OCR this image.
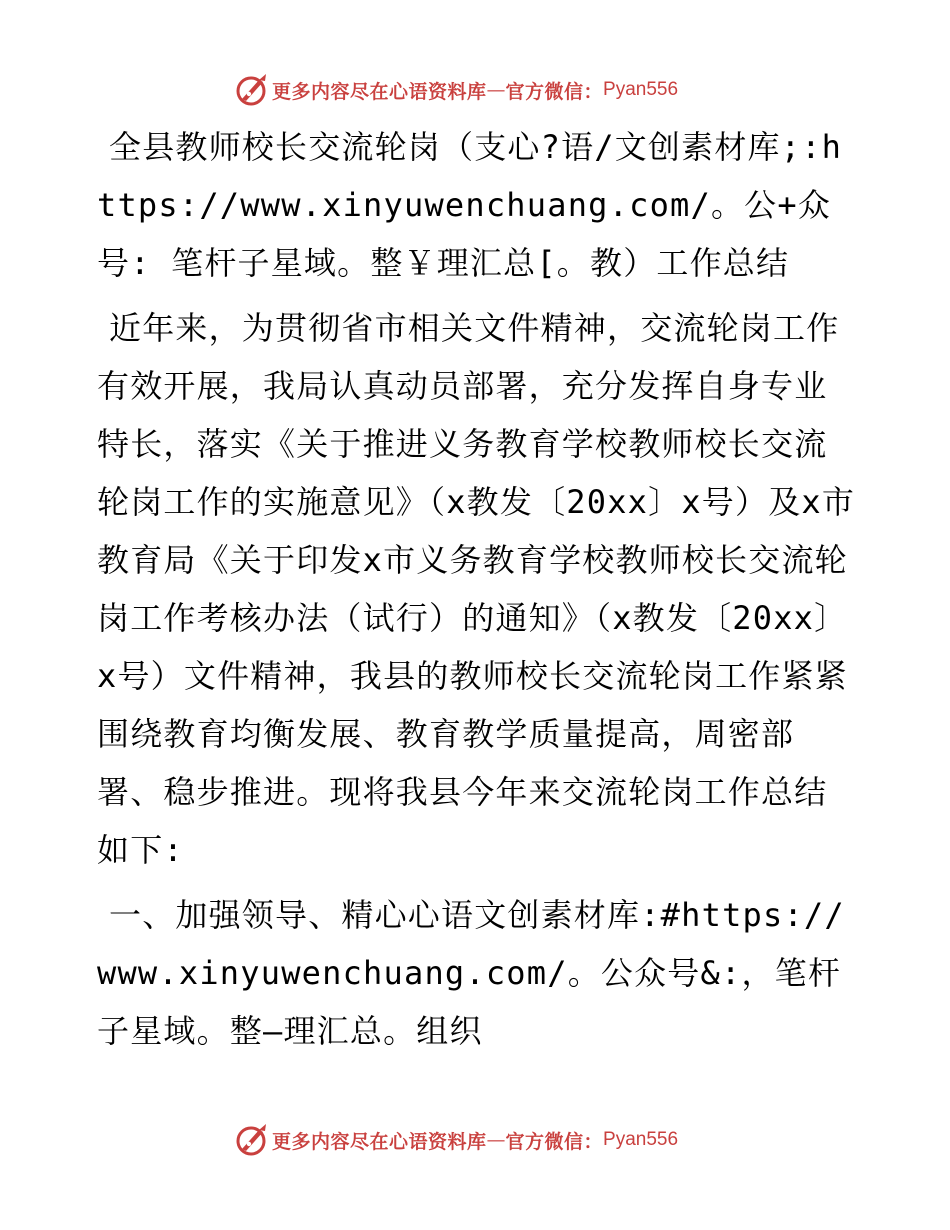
更多内容尽在心语资料库 — 官方微信： Pyan556

全县教师校长交流轮岗（支心?语/文创素材库;:https://www.xinyuwenchuang.com/。公+众号: 笔杆子星域。整￥理汇总[。教）工作总结

近年来，为贯彻省市相关文件精神，交流轮岗工作有效开展，我局认真动员部署，充分发挥自身专业特长，落实《关于推进义务教育学校教师校长交流轮岗工作的实施意见》（x教发〔20xx〕x号）及x市教育局《关于印发x市义务教育学校教师校长交流轮岗工作考核办法（试行）的通知》（x教发〔20xx〕x号）文件精神，我县的教师校长交流轮岗工作紧紧围绕教育均衡发展、教育教学质量提高，周密部署、稳步推进。现将我县今年来交流轮岗工作总结如下:

一、加强领导、精心心语文创素材库:#https://www.xinyuwenchuang.com/。公众号&:，笔杆子星域。整—理汇总。组织

更多内容尽在心语资料库 — 官方微信： Pyan556
